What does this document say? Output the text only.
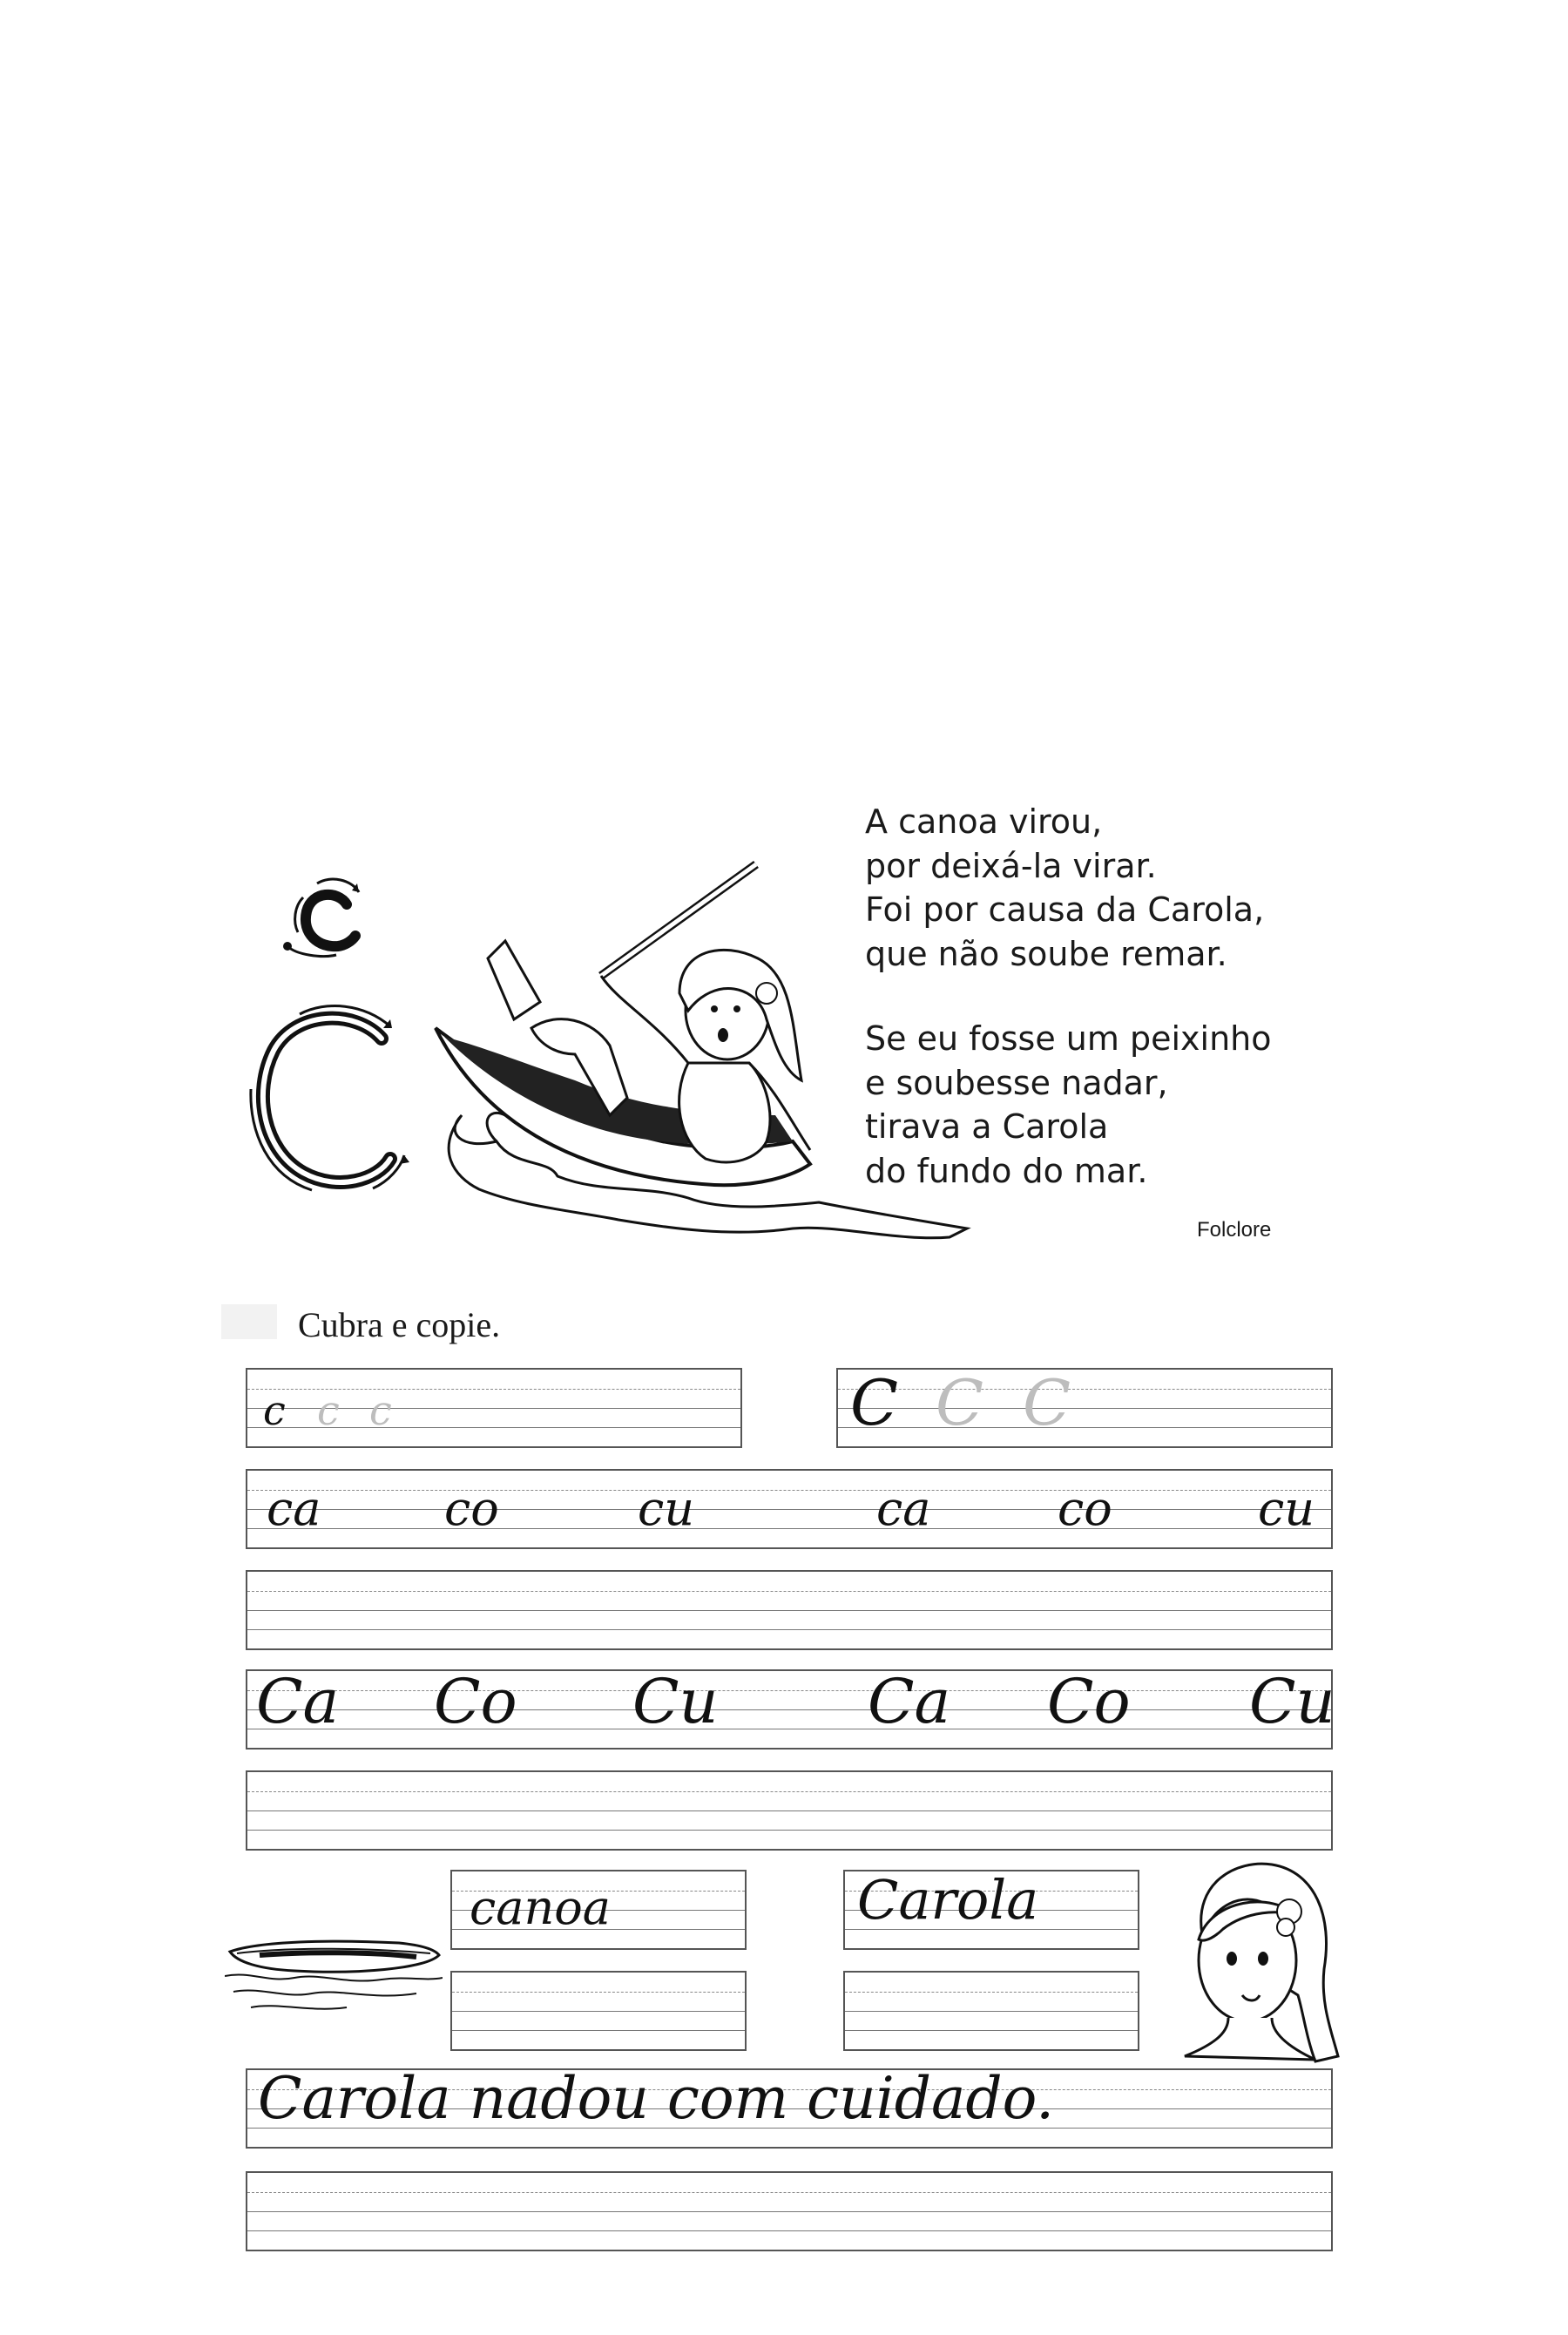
A canoa virou,
por deixá-la virar.
Foi por causa da Carola,
que não soube remar.
Se eu fosse um peixinho
e soubesse nadar,
tirava a Carola
do fundo do mar.
Folclore
Cubra e copie.
c c c	C C C
ca	co	cu	ca	co	cu
Ca Co Cu Ca Co Cu
canoa	Carola
Carola nadou com cuidado.
